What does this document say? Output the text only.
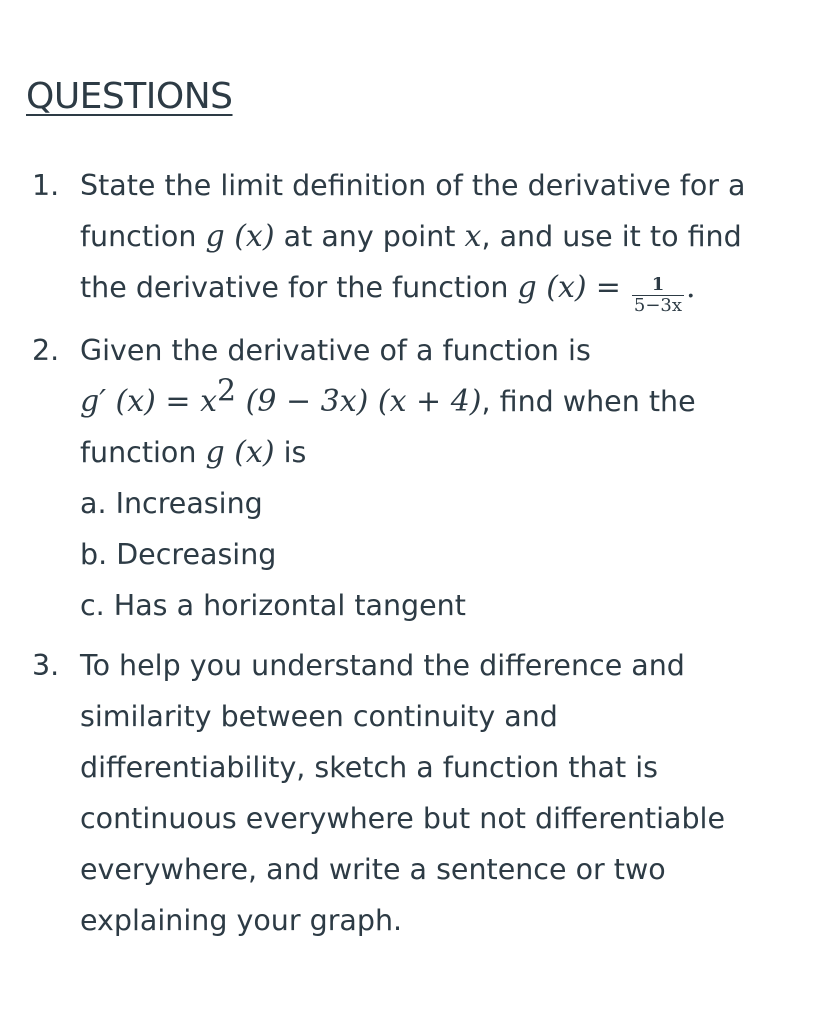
QUESTIONS
1. State the limit definition of the derivative for a
function g (x) at any point x, and use it to find
the derivative for the function g $(x) = \frac{1}{5-3x}$ .
2. Given the derivative of a function is
g′ $(x) = x^2$ (9 − 3x) (x + 4), find when the
function g (x) is
a. Increasing
b. Decreasing
c. Has a horizontal tangent
3. To help you understand the difference and
similarity between continuity and
differentiability, sketch a function that is
continuous everywhere but not differentiable
everywhere, and write a sentence or two
explaining your graph.
